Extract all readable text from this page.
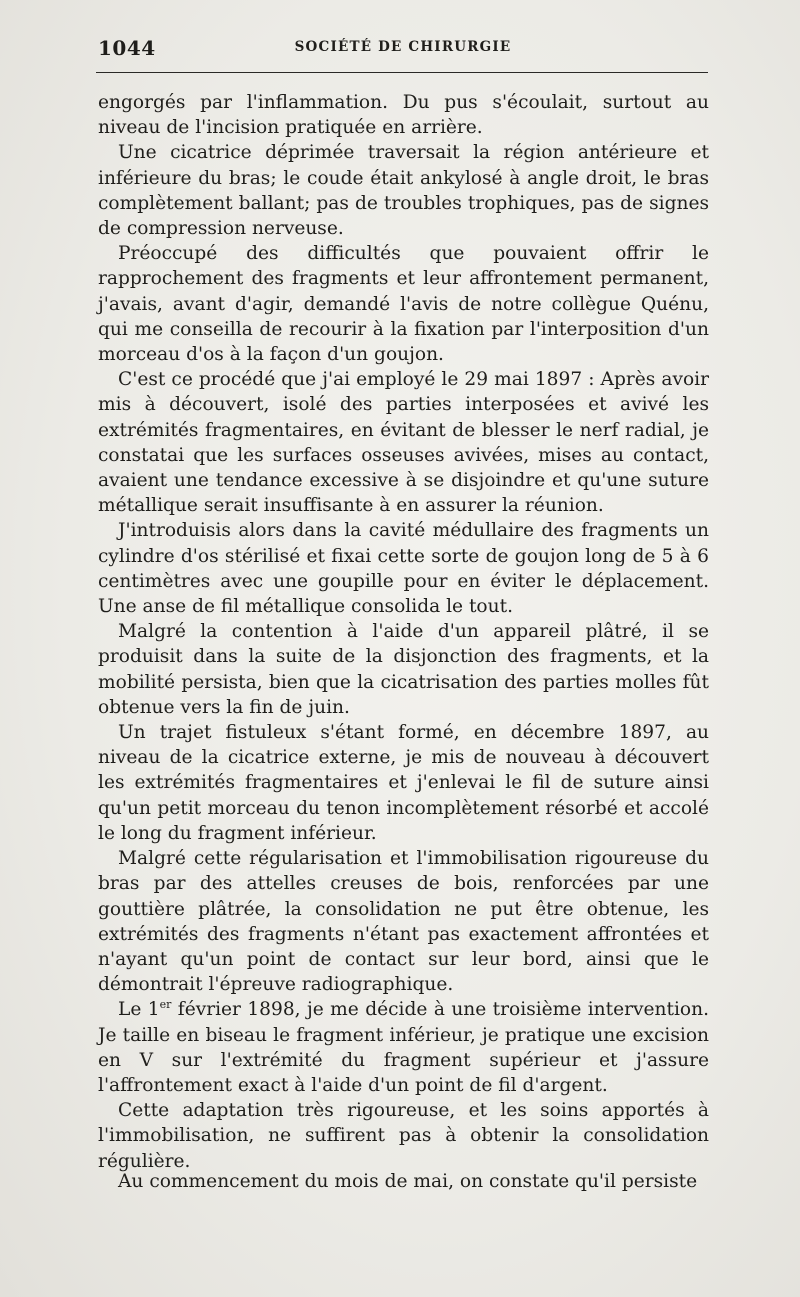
1044	SOCIÉTÉ DE CHIRURGIE

engorgés par l'inflammation. Du pus s'écoulait, surtout au niveau de l'incision pratiquée en arrière.

Une cicatrice déprimée traversait la région antérieure et inférieure du bras; le coude était ankylosé à angle droit, le bras complètement ballant; pas de troubles trophiques, pas de signes de compression nerveuse.

Préoccupé des difficultés que pouvaient offrir le rapprochement des fragments et leur affrontement permanent, j'avais, avant d'agir, demandé l'avis de notre collègue Quénu, qui me conseilla de recourir à la fixation par l'interposition d'un morceau d'os à la façon d'un goujon.

C'est ce procédé que j'ai employé le 29 mai 1897 : Après avoir mis à découvert, isolé des parties interposées et avivé les extrémités fragmentaires, en évitant de blesser le nerf radial, je constatai que les surfaces osseuses avivées, mises au contact, avaient une tendance excessive à se disjoindre et qu'une suture métallique serait insuffisante à en assurer la réunion.

J'introduisis alors dans la cavité médullaire des fragments un cylindre d'os stérilisé et fixai cette sorte de goujon long de 5 à 6 centimètres avec une goupille pour en éviter le déplacement. Une anse de fil métallique consolida le tout.

Malgré la contention à l'aide d'un appareil plâtré, il se produisit dans la suite de la disjonction des fragments, et la mobilité persista, bien que la cicatrisation des parties molles fût obtenue vers la fin de juin.

Un trajet fistuleux s'étant formé, en décembre 1897, au niveau de la cicatrice externe, je mis de nouveau à découvert les extrémités fragmentaires et j'enlevai le fil de suture ainsi qu'un petit morceau du tenon incomplètement résorbé et accolé le long du fragment inférieur.

Malgré cette régularisation et l'immobilisation rigoureuse du bras par des attelles creuses de bois, renforcées par une gouttière plâtrée, la consolidation ne put être obtenue, les extrémités des fragments n'étant pas exactement affrontées et n'ayant qu'un point de contact sur leur bord, ainsi que le démontrait l'épreuve radiographique.

Le 1er février 1898, je me décide à une troisième intervention. Je taille en biseau le fragment inférieur, je pratique une excision en V sur l'extrémité du fragment supérieur et j'assure l'affrontement exact à l'aide d'un point de fil d'argent.

Cette adaptation très rigoureuse, et les soins apportés à l'immobilisation, ne suffirent pas à obtenir la consolidation régulière.

Au commencement du mois de mai, on constate qu'il persiste
